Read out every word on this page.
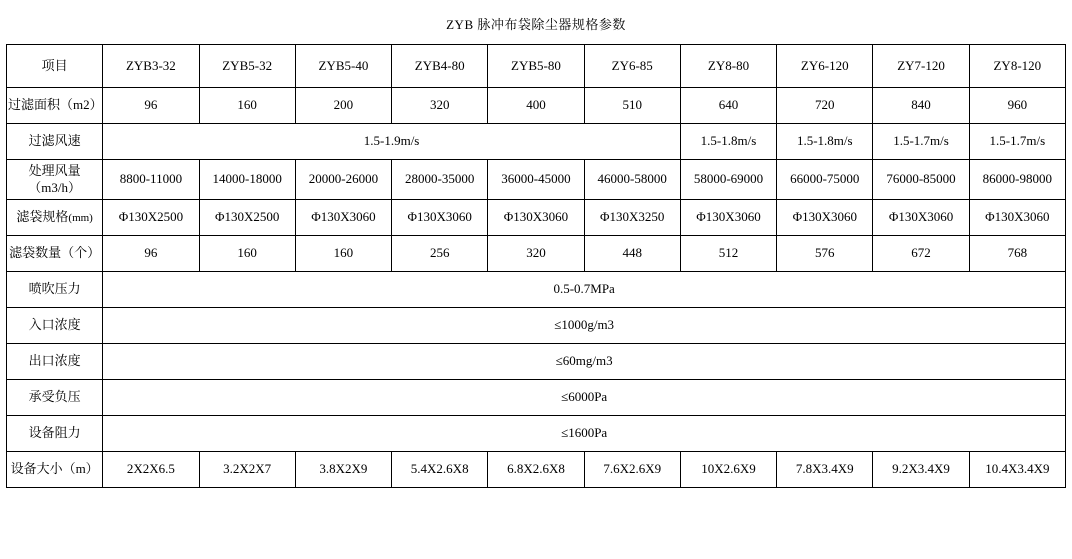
ZYB 脉冲布袋除尘器规格参数										
项目	ZYB3-32	ZYB5-32	ZYB5-40	ZYB4-80	ZYB5-80	ZY6-85	ZY8-80	ZY6-120	ZY7-120	ZY8-120
过滤面积（m2）	96	160	200	320	400	510	640	720	840	960
过滤风速	1.5-1.9m/s						1.5-1.8m/s	1.5-1.8m/s	1.5-1.7m/s	1.5-1.7m/s
处理风量
（m3/h）	8800-11000	14000-18000	20000-26000	28000-35000	36000-45000	46000-58000	58000-69000	66000-75000	76000-85000	86000-98000
滤袋规格(mm)	Φ130X2500	Φ130X2500	Φ130X3060	Φ130X3060	Φ130X3060	Φ130X3250	Φ130X3060	Φ130X3060	Φ130X3060	Φ130X3060
滤袋数量（个）	96	160	160	256	320	448	512	576	672	768
喷吹压力	0.5-0.7MPa									
入口浓度	≤1000g/m3									
出口浓度	≤60mg/m3									
承受负压	≤6000Pa									
设备阻力	≤1600Pa									
设备大小（m）	2X2X6.5	3.2X2X7	3.8X2X9	5.4X2.6X8	6.8X2.6X8	7.6X2.6X9	10X2.6X9	7.8X3.4X9	9.2X3.4X9	10.4X3.4X9
